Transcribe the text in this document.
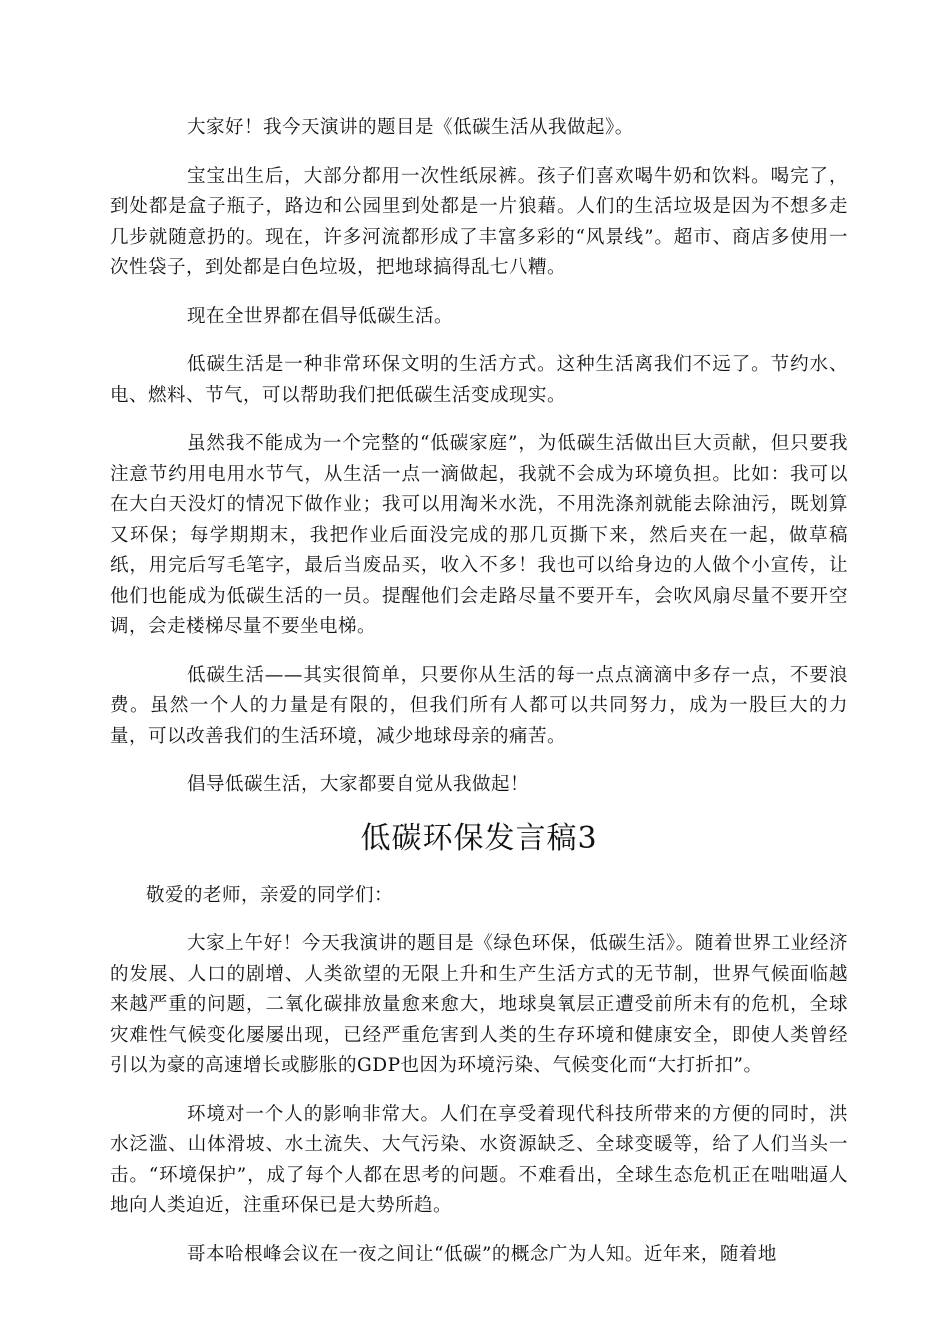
大家好！我今天演讲的题目是《低碳生活从我做起》。

宝宝出生后，大部分都用一次性纸尿裤。孩子们喜欢喝牛奶和饮料。喝完了，到处都是盒子瓶子，路边和公园里到处都是一片狼藉。人们的生活垃圾是因为不想多走几步就随意扔的。现在，许多河流都形成了丰富多彩的“风景线”。超市、商店多使用一次性袋子，到处都是白色垃圾，把地球搞得乱七八糟。

现在全世界都在倡导低碳生活。

低碳生活是一种非常环保文明的生活方式。这种生活离我们不远了。节约水、电、燃料、节气，可以帮助我们把低碳生活变成现实。

虽然我不能成为一个完整的“低碳家庭”，为低碳生活做出巨大贡献，但只要我注意节约用电用水节气，从生活一点一滴做起，我就不会成为环境负担。比如：我可以在大白天没灯的情况下做作业；我可以用淘米水洗，不用洗涤剂就能去除油污，既划算又环保；每学期期末，我把作业后面没完成的那几页撕下来，然后夹在一起，做草稿纸，用完后写毛笔字，最后当废品买，收入不多！我也可以给身边的人做个小宣传，让他们也能成为低碳生活的一员。提醒他们会走路尽量不要开车，会吹风扇尽量不要开空调，会走楼梯尽量不要坐电梯。

低碳生活——其实很简单，只要你从生活的每一点点滴滴中多存一点，不要浪费。虽然一个人的力量是有限的，但我们所有人都可以共同努力，成为一股巨大的力量，可以改善我们的生活环境，减少地球母亲的痛苦。

倡导低碳生活，大家都要自觉从我做起！

低碳环保发言稿3

敬爱的老师，亲爱的同学们：

大家上午好！今天我演讲的题目是《绿色环保，低碳生活》。随着世界工业经济的发展、人口的剧增、人类欲望的无限上升和生产生活方式的无节制，世界气候面临越来越严重的问题，二氧化碳排放量愈来愈大，地球臭氧层正遭受前所未有的危机，全球灾难性气候变化屡屡出现，已经严重危害到人类的生存环境和健康安全，即使人类曾经引以为豪的高速增长或膨胀的GDP也因为环境污染、气候变化而“大打折扣”。

环境对一个人的影响非常大。人们在享受着现代科技所带来的方便的同时，洪水泛滥、山体滑坡、水土流失、大气污染、水资源缺乏、全球变暖等，给了人们当头一击。“环境保护”，成了每个人都在思考的问题。不难看出，全球生态危机正在咄咄逼人地向人类迫近，注重环保已是大势所趋。

哥本哈根峰会议在一夜之间让“低碳”的概念广为人知。近年来，随着地
